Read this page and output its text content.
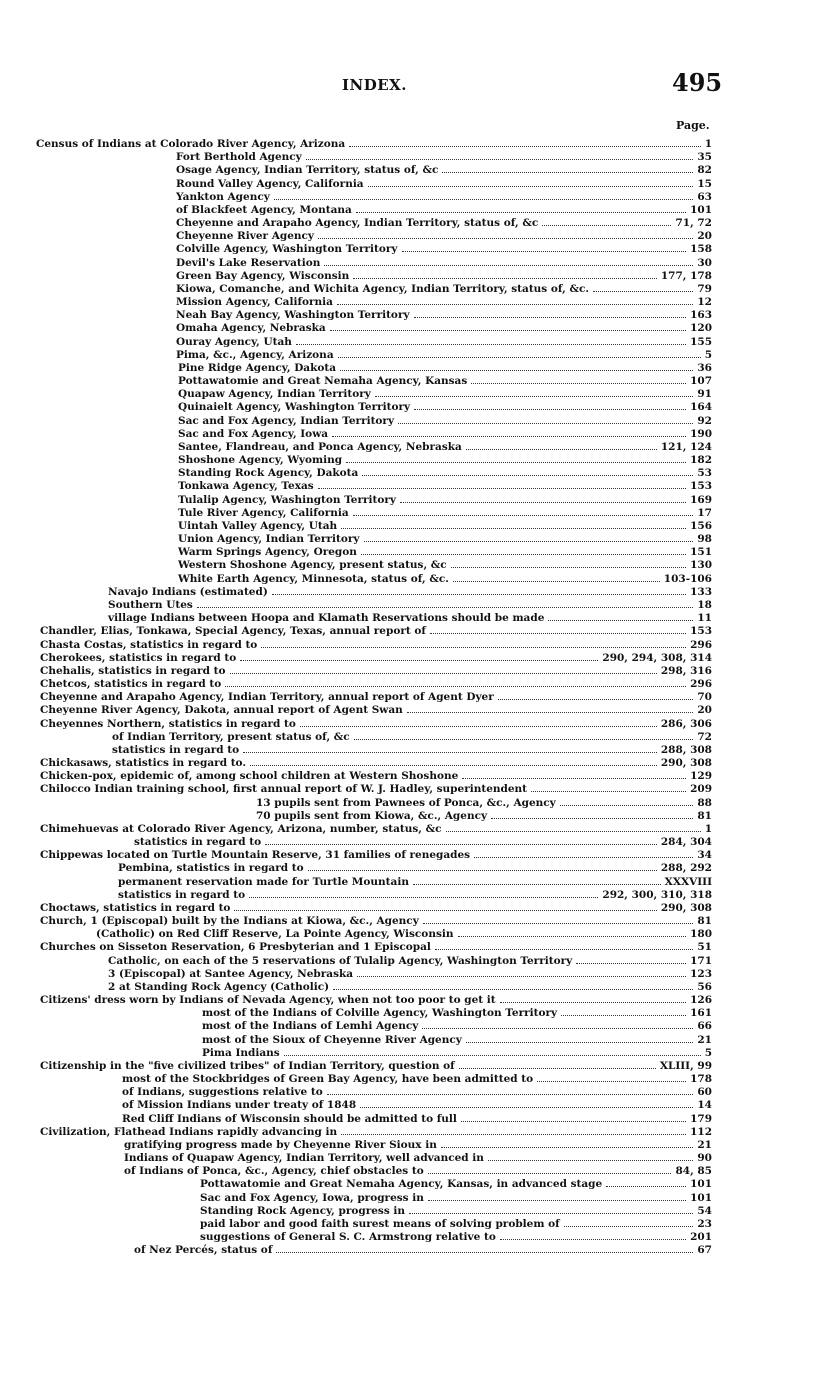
INDEX.	495
Page.
Census of Indians at Colorado River Agency, Arizona	1
Fort Berthold Agency	35
Osage Agency, Indian Territory, status of, &c	82
Round Valley Agency, California	15
Yankton Agency	63
of Blackfeet Agency, Montana	101
Cheyenne and Arapaho Agency, Indian Territory, status of, &c	71, 72
Cheyenne River Agency	20
Colville Agency, Washington Territory	158
Devil's Lake Reservation	30
Green Bay Agency, Wisconsin	177, 178
Kiowa, Comanche, and Wichita Agency, Indian Territory, status of, &c.	79
Mission Agency, California	12
Neah Bay Agency, Washington Territory	163
Omaha Agency, Nebraska	120
Ouray Agency, Utah	155
Pima, &c., Agency, Arizona	5
Pine Ridge Agency, Dakota	36
Pottawatomie and Great Nemaha Agency, Kansas	107
Quapaw Agency, Indian Territory	91
Quinaielt Agency, Washington Territory	164
Sac and Fox Agency, Indian Territory	92
Sac and Fox Agency, Iowa	190
Santee, Flandreau, and Ponca Agency, Nebraska	121, 124
Shoshone Agency, Wyoming	182
Standing Rock Agency, Dakota	53
Tonkawa Agency, Texas	153
Tulalip Agency, Washington Territory	169
Tule River Agency, California	17
Uintah Valley Agency, Utah	156
Union Agency, Indian Territory	98
Warm Springs Agency, Oregon	151
Western Shoshone Agency, present status, &c	130
White Earth Agency, Minnesota, status of, &c.	103-106
Navajo Indians (estimated)	133
Southern Utes	18
village Indians between Hoopa and Klamath Reservations should be made	11
Chandler, Elias, Tonkawa, Special Agency, Texas, annual report of	153
Chasta Costas, statistics in regard to	296
Cherokees, statistics in regard to	290, 294, 308, 314
Chehalis, statistics in regard to	298, 316
Chetcos, statistics in regard to	296
Cheyenne and Arapaho Agency, Indian Territory, annual report of Agent Dyer	70
Cheyenne River Agency, Dakota, annual report of Agent Swan	20
Cheyennes Northern, statistics in regard to	286, 306
of Indian Territory, present status of, &c	72
statistics in regard to	288, 308
Chickasaws, statistics in regard to.	290, 308
Chicken-pox, epidemic of, among school children at Western Shoshone	129
Chilocco Indian training school, first annual report of W. J. Hadley, superintendent	209
13 pupils sent from Pawnees of Ponca, &c., Agency	88
70 pupils sent from Kiowa, &c., Agency	81
Chimehuevas at Colorado River Agency, Arizona, number, status, &c	1
statistics in regard to	284, 304
Chippewas located on Turtle Mountain Reserve, 31 families of renegades	34
Pembina, statistics in regard to	288, 292
permanent reservation made for Turtle Mountain	XXXVIII
statistics in regard to	292, 300, 310, 318
Choctaws, statistics in regard to	290, 308
Church, 1 (Episcopal) built by the Indians at Kiowa, &c., Agency	81
(Catholic) on Red Cliff Reserve, La Pointe Agency, Wisconsin	180
Churches on Sisseton Reservation, 6 Presbyterian and 1 Episcopal	51
Catholic, on each of the 5 reservations of Tulalip Agency, Washington Territory	171
3 (Episcopal) at Santee Agency, Nebraska	123
2 at Standing Rock Agency (Catholic)	56
Citizens' dress worn by Indians of Nevada Agency, when not too poor to get it	126
most of the Indians of Colville Agency, Washington Territory	161
most of the Indians of Lemhi Agency	66
most of the Sioux of Cheyenne River Agency	21
Pima Indians	5
Citizenship in the "five civilized tribes" of Indian Territory, question of	XLIII, 99
most of the Stockbridges of Green Bay Agency, have been admitted to	178
of Indians, suggestions relative to	60
of Mission Indians under treaty of 1848	14
Red Cliff Indians of Wisconsin should be admitted to full	179
Civilization, Flathead Indians rapidly advancing in	112
gratifying progress made by Cheyenne River Sioux in	21
Indians of Quapaw Agency, Indian Territory, well advanced in	90
of Indians of Ponca, &c., Agency, chief obstacles to	84, 85
Pottawatomie and Great Nemaha Agency, Kansas, in advanced stage	101
Sac and Fox Agency, Iowa, progress in	101
Standing Rock Agency, progress in	54
paid labor and good faith surest means of solving problem of	23
suggestions of General S. C. Armstrong relative to	201
of Nez Percés, status of	67
